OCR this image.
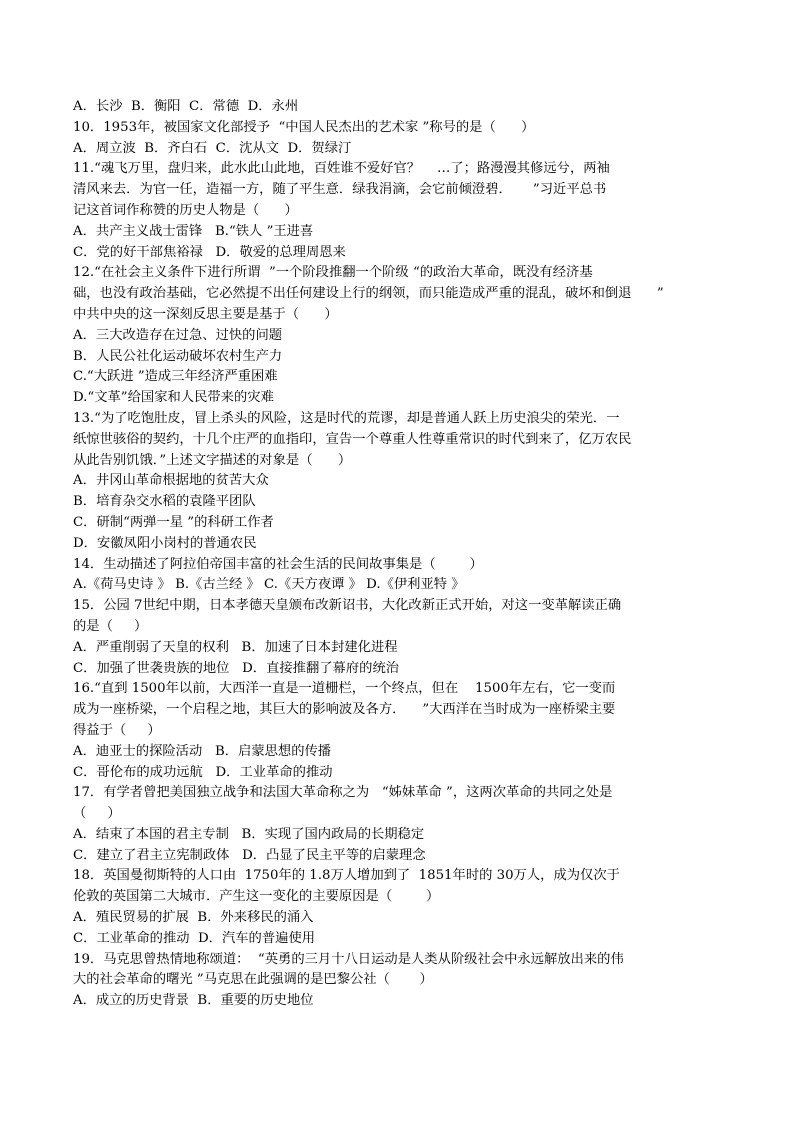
A．长沙  B．衡阳  C．常德  D．永州
10．1953年，被国家文化部授予  “中国人民杰出的艺术家 ”称号的是（      ）
A．周立波  B．齐白石  C．沈从文  D．贺绿汀
11.“魂飞万里，盘归来，此水此山此地，百姓谁不爱好官？    …了；路漫漫其修远兮，两袖
清风来去．为官一任，造福一方，随了平生意．绿我涓滴，会它前倾澄碧．     ”习近平总书
记这首词作称赞的历史人物是（      ）
A．共产主义战士雷锋   B.“铁人 ”王进喜
C．党的好干部焦裕禄   D．敬爱的总理周恩来
12.“在社会主义条件下进行所谓  ”一个阶段推翻一个阶级 “的政治大革命，既没有经济基
础，也没有政治基础，它必然提不出任何建设上行的纲领，而只能造成严重的混乱，破坏和倒退      ”
中共中央的这一深刻反思主要是基于（      ）
A．三大改造存在过急、过快的问题
B．人民公社化运动破坏农村生产力
C.“大跃进 ”造成三年经济严重困难
D.“文革”给国家和人民带来的灾难
13.“为了吃饱肚皮，冒上杀头的风险，这是时代的荒谬，却是普通人跃上历史浪尖的荣光．一
纸惊世骇俗的契约，十几个庄严的血指印，宣告一个尊重人性尊重常识的时代到来了，亿万农民
从此告别饥饿．”上述文字描述的对象是（      ）
A．井冈山革命根据地的贫苦大众
B．培育杂交水稻的袁隆平团队
C．研制“两弹一星 ”的科研工作者
D．安徽凤阳小岗村的普通农民
14．生动描述了阿拉伯帝国丰富的社会生活的民间故事集是（        ）
A.《荷马史诗 》 B.《古兰经 》 C.《天方夜谭 》 D.《伊利亚特 》
15．公园 7世纪中期，日本孝德天皇颁布改新诏书，大化改新正式开始，对这一变革解读正确
的是（     ）
A．严重削弱了天皇的权利   B．加速了日本封建化进程
C．加强了世袭贵族的地位   D．直接推翻了幕府的统治
16.“直到 1500年以前，大西洋一直是一道栅栏，一个终点，但在    1500年左右，它一变而
成为一座桥梁，一个启程之地，其巨大的影响波及各方．    ”大西洋在当时成为一座桥梁主要
得益于（     ）
A．迪亚士的探险活动   B．启蒙思想的传播
C．哥伦布的成功远航   D．工业革命的推动
17．有学者曾把美国独立战争和法国大革命称之为   “姊妹革命 ”，这两次革命的共同之处是
（     ）
A．结束了本国的君主专制   B．实现了国内政局的长期稳定
C．建立了君主立宪制政体   D．凸显了民主平等的启蒙理念
18．英国曼彻斯特的人口由  1750年的 1.8万人增加到了  1851年时的 30万人，成为仅次于
伦敦的英国第二大城市．产生这一变化的主要原因是（        ）
A．殖民贸易的扩展  B．外来移民的涌入
C．工业革命的推动  D．汽车的普遍使用
19．马克思曾热情地称颂道：  “英勇的三月十八日运动是人类从阶级社会中永远解放出来的伟
大的社会革命的曙光 ”马克思在此强调的是巴黎公社（       ）
A．成立的历史背景  B．重要的历史地位
